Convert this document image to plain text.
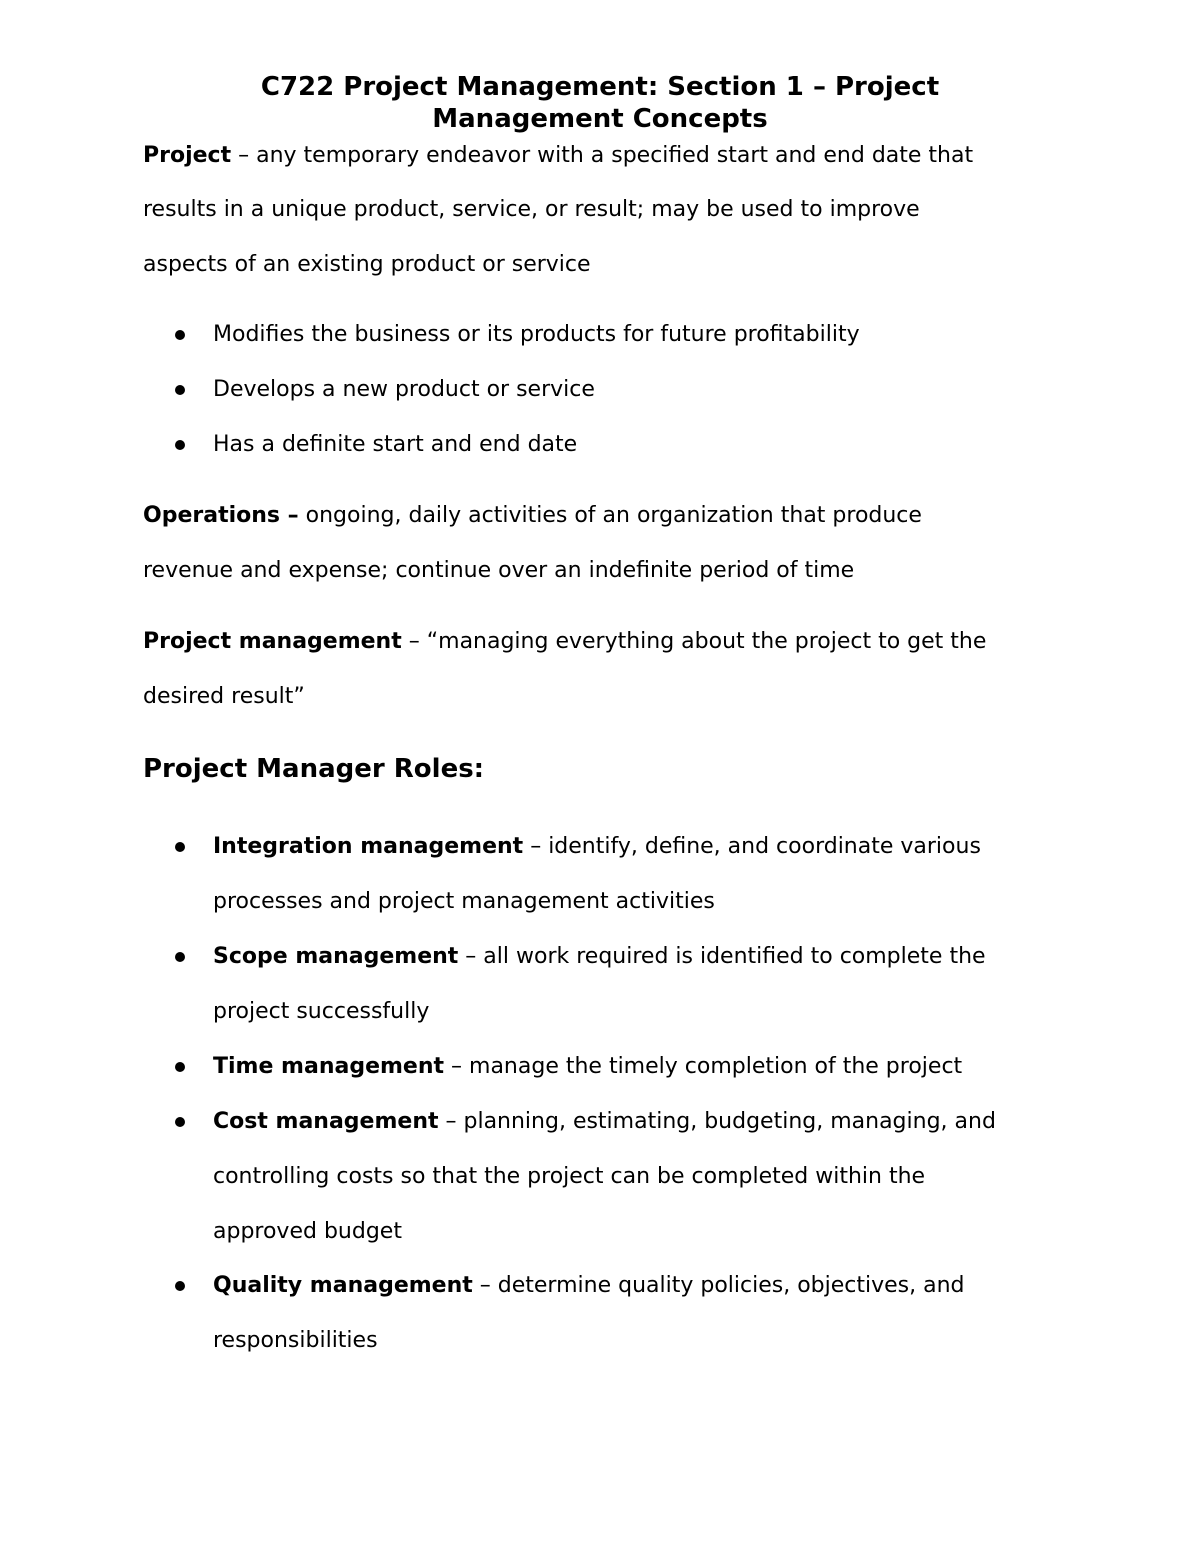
C722 Project Management: Section 1 – Project

Management Concepts

Project – any temporary endeavor with a specified start and end date that

results in a unique product, service, or result; may be used to improve

aspects of an existing product or service

Modifies the business or its products for future profitability

Develops a new product or service

Has a definite start and end date

Operations – ongoing, daily activities of an organization that produce

revenue and expense; continue over an indefinite period of time

Project management – “managing everything about the project to get the

desired result”

Project Manager Roles:

Integration management – identify, define, and coordinate various

processes and project management activities

Scope management – all work required is identified to complete the

project successfully

Time management – manage the timely completion of the project

Cost management – planning, estimating, budgeting, managing, and

controlling costs so that the project can be completed within the

approved budget

Quality management – determine quality policies, objectives, and

responsibilities
